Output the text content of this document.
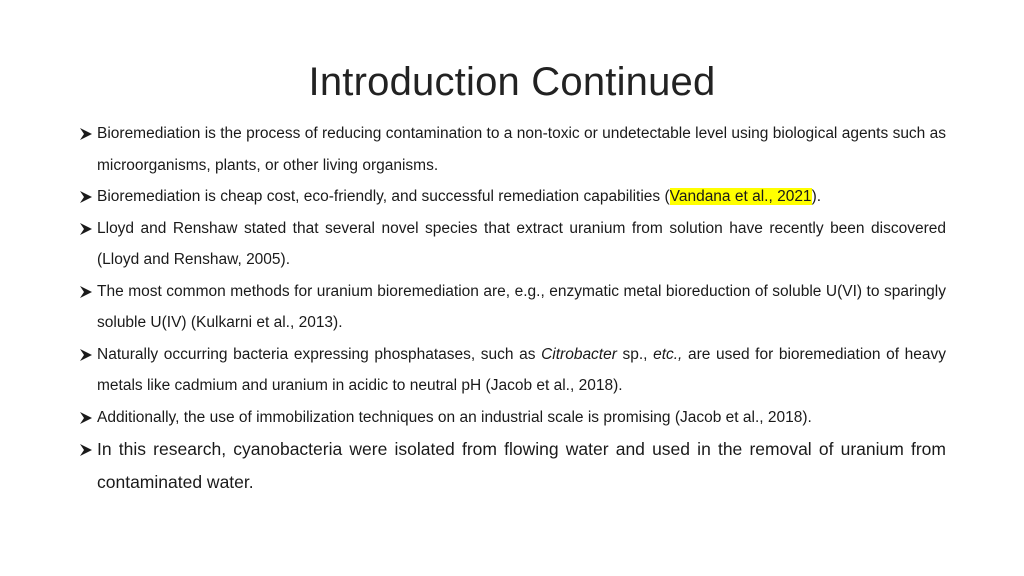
Introduction Continued
Bioremediation is the process of reducing contamination to a non-toxic or undetectable level using biological agents such as microorganisms, plants, or other living organisms.
Bioremediation is cheap cost, eco-friendly, and successful remediation capabilities (Vandana et al., 2021).
Lloyd and Renshaw stated that several novel species that extract uranium from solution have recently been discovered (Lloyd and Renshaw, 2005).
The most common methods for uranium bioremediation are, e.g., enzymatic metal bioreduction of soluble U(VI) to sparingly soluble U(IV) (Kulkarni et al., 2013).
Naturally occurring bacteria expressing phosphatases, such as Citrobacter sp., etc., are used for bioremediation of heavy metals like cadmium and uranium in acidic to neutral pH (Jacob et al., 2018).
Additionally, the use of immobilization techniques on an industrial scale is promising (Jacob et al., 2018).
In this research, cyanobacteria were isolated from flowing water and used in the removal of uranium from contaminated water.
